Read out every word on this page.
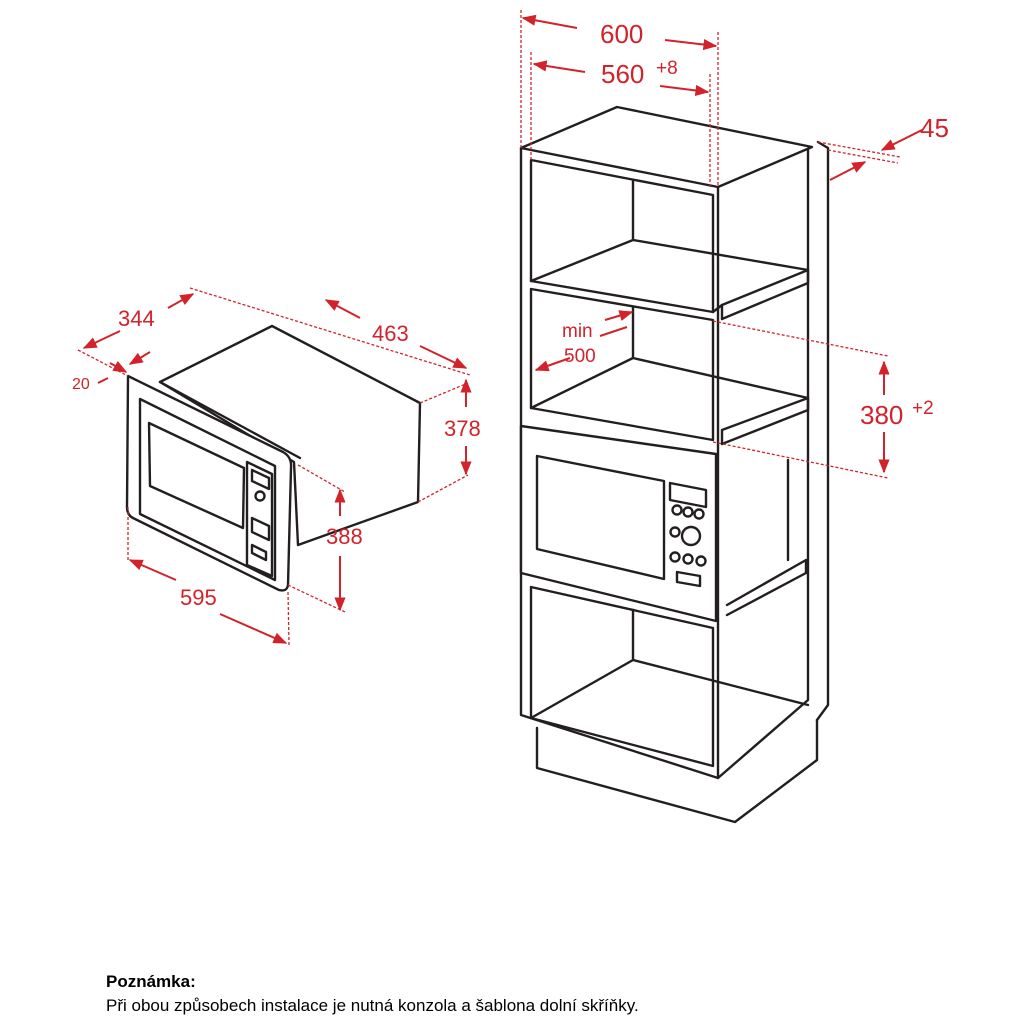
344
20
463
378
388
595
600
560 +8
45
min
500
380 +2
Poznámka:
Při obou způsobech instalace je nutná konzola a šablona dolní skříňky.
